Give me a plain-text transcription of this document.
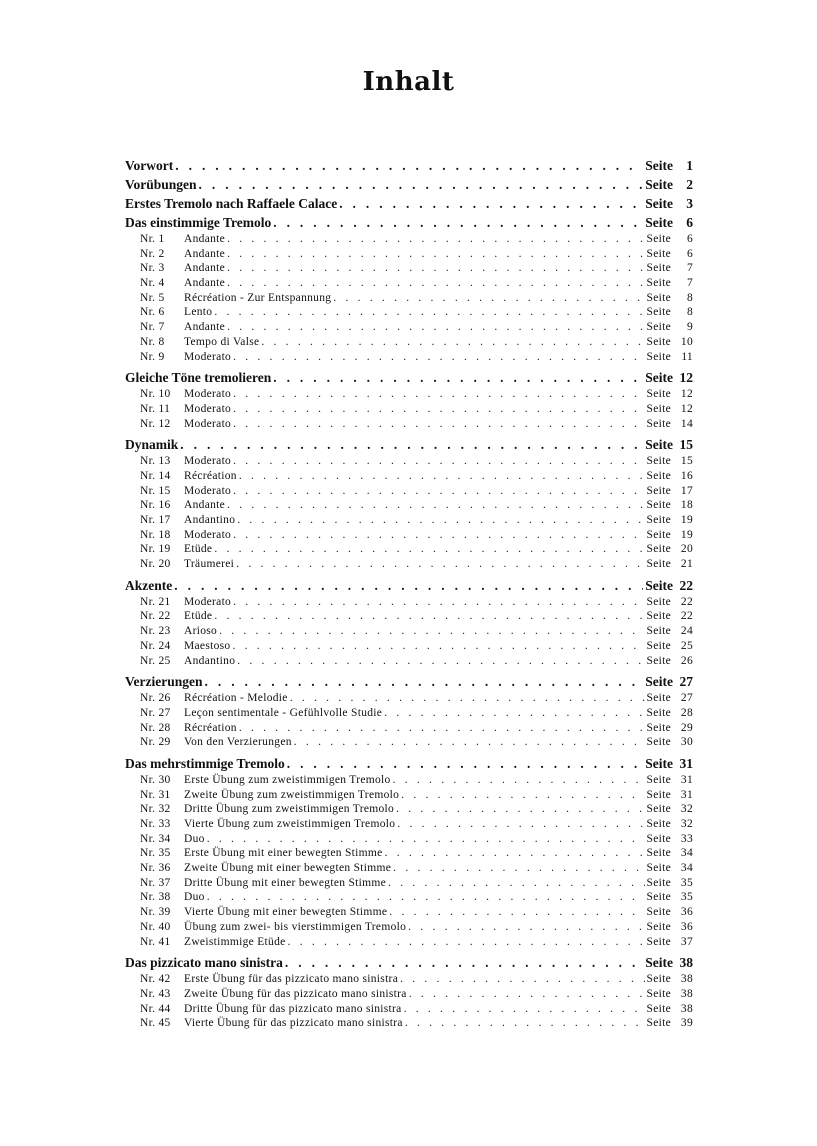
Inhalt
Vorwort . . .	Seite 1
Vorübungen . . .	Seite 2
Erstes Tremolo nach Raffaele Calace . . .	Seite 3
Das einstimmige Tremolo . . .	Seite 6
Nr. 1	Andante . . .	Seite	6
Nr. 2	Andante . . .	Seite	6
Nr. 3	Andante . . .	Seite	7
Nr. 4	Andante . . .	Seite	7
Nr. 5	Récréation - Zur Entspannung . . .	Seite	8
Nr. 6	Lento . . .	Seite	8
Nr. 7	Andante . . .	Seite	9
Nr. 8	Tempo di Valse . . .	Seite 10
Nr. 9	Moderato . . .	Seite 11
Gleiche Töne tremolieren . . .	Seite 12
Nr. 10	Moderato . . .	Seite 12
Nr. 11	Moderato . . .	Seite 12
Nr. 12	Moderato . . .	Seite 14
Dynamik . . .	Seite 15
Nr. 13	Moderato . . .	Seite 15
Nr. 14	Récréation . . .	Seite 16
Nr. 15	Moderato . . .	Seite 17
Nr. 16	Andante . . .	Seite 18
Nr. 17	Andantino . . .	Seite 19
Nr. 18	Moderato . . .	Seite 19
Nr. 19	Etüde . . .	Seite 20
Nr. 20	Träumerei . . .	Seite 21
Akzente . . .	Seite 22
Nr. 21	Moderato . . .	Seite 22
Nr. 22	Etüde . . .	Seite 22
Nr. 23	Arioso . . .	Seite 24
Nr. 24	Maestoso . . .	Seite 25
Nr. 25	Andantino . . .	Seite 26
Verzierungen . . .	Seite 27
Nr. 26	Récréation - Melodie . . .	Seite 27
Nr. 27	Leçon sentimentale - Gefühlvolle Studie . . .	Seite 28
Nr. 28	Récréation . . .	Seite 29
Nr. 29	Von den Verzierungen . . .	Seite 30
Das mehrstimmige Tremolo . . .	Seite 31
Nr. 30	Erste Übung zum zweistimmigen Tremolo . . .	Seite 31
Nr. 31	Zweite Übung zum zweistimmigen Tremolo . . .	Seite 31
Nr. 32	Dritte Übung zum zweistimmigen Tremolo . . .	Seite 32
Nr. 33	Vierte Übung zum zweistimmigen Tremolo . . .	Seite 32
Nr. 34	Duo . . .	Seite 33
Nr. 35	Erste Übung mit einer bewegten Stimme . . .	Seite 34
Nr. 36	Zweite Übung mit einer bewegten Stimme . . .	Seite 34
Nr. 37	Dritte Übung mit einer bewegten Stimme . . .	Seite 35
Nr. 38	Duo . . .	Seite 35
Nr. 39	Vierte Übung mit einer bewegten Stimme . . .	Seite 36
Nr. 40	Übung zum zwei- bis vierstimmigen Tremolo . . .	Seite 36
Nr. 41	Zweistimmige Etüde . . .	Seite 37
Das pizzicato mano sinistra . . .	Seite 38
Nr. 42	Erste Übung für das pizzicato mano sinistra . . .	Seite 38
Nr. 43	Zweite Übung für das pizzicato mano sinistra . . .	Seite 38
Nr. 44	Dritte Übung für das pizzicato mano sinistra . . .	Seite 38
Nr. 45	Vierte Übung für das pizzicato mano sinistra . . .	Seite 39
